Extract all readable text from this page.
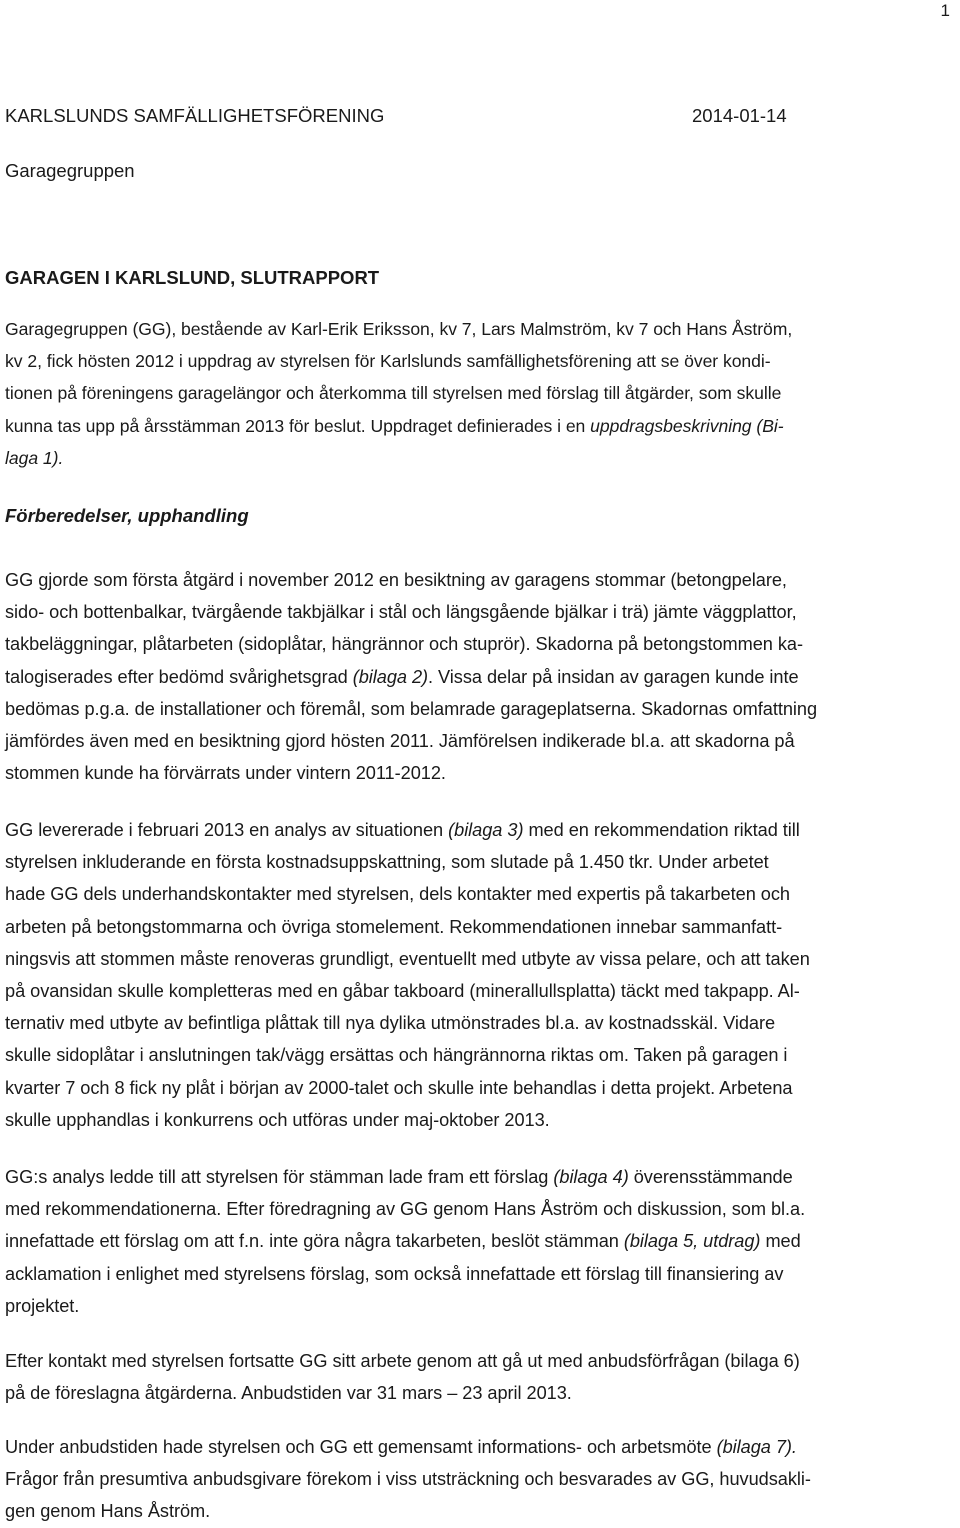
1
KARLSLUNDS SAMFÄLLIGHETSFÖRENING	2014-01-14
Garagegruppen
GARAGEN I KARLSLUND, SLUTRAPPORT

Garagegruppen (GG), bestående av Karl-Erik Eriksson, kv 7, Lars Malmström, kv 7 och Hans Åström,
kv 2, fick hösten 2012 i uppdrag av styrelsen för Karlslunds samfällighetsförening att se över kondi-
tionen på föreningens garagelängor och återkomma till styrelsen med förslag till åtgärder, som skulle
kunna tas upp på årsstämman 2013 för beslut. Uppdraget definierades i en uppdragsbeskrivning (Bi-
laga 1).

Förberedelser, upphandling

GG gjorde som första åtgärd i november 2012 en besiktning av garagens stommar (betongpelare,
sido- och bottenbalkar, tvärgående takbjälkar i stål och längsgående bjälkar i trä) jämte väggplattor,
takbeläggningar, plåtarbeten (sidoplåtar, hängrännor och stuprör). Skadorna på betongstommen ka-
talogiserades efter bedömd svårighetsgrad (bilaga 2). Vissa delar på insidan av garagen kunde inte
bedömas p.g.a. de installationer och föremål, som belamrade garageplatserna. Skadornas omfattning
jämfördes även med en besiktning gjord hösten 2011. Jämförelsen indikerade bl.a. att skadorna på
stommen kunde ha förvärrats under vintern 2011-2012.

GG levererade i februari 2013 en analys av situationen (bilaga 3) med en rekommendation riktad till
styrelsen inkluderande en första kostnadsuppskattning, som slutade på 1.450 tkr. Under arbetet
hade GG dels underhandskontakter med styrelsen, dels kontakter med expertis på takarbeten och
arbeten på betongstommarna och övriga stomelement. Rekommendationen innebar sammanfatt-
ningsvis att stommen måste renoveras grundligt, eventuellt med utbyte av vissa pelare, och att taken
på ovansidan skulle kompletteras med en gåbar takboard (minerallullsplatta) täckt med takpapp. Al-
ternativ med utbyte av befintliga plåttak till nya dylika utmönstrades bl.a. av kostnadsskäl. Vidare
skulle sidoplåtar i anslutningen tak/vägg ersättas och hängrännorna riktas om. Taken på garagen i
kvarter 7 och 8 fick ny plåt i början av 2000-talet och skulle inte behandlas i detta projekt. Arbetena
skulle upphandlas i konkurrens och utföras under maj-oktober 2013.

GG:s analys ledde till att styrelsen för stämman lade fram ett förslag (bilaga 4) överensstämmande
med rekommendationerna. Efter föredragning av GG genom Hans Åström och diskussion, som bl.a.
innefattade ett förslag om att f.n. inte göra några takarbeten, beslöt stämman (bilaga 5, utdrag) med
acklamation i enlighet med styrelsens förslag, som också innefattade ett förslag till finansiering av
projektet.

Efter kontakt med styrelsen fortsatte GG sitt arbete genom att gå ut med anbudsförfrågan (bilaga 6)
på de föreslagna åtgärderna. Anbudstiden var 31 mars – 23 april 2013.

Under anbudstiden hade styrelsen och GG ett gemensamt informations- och arbetsmöte (bilaga 7).
Frågor från presumtiva anbudsgivare förekom i viss utsträckning och besvarades av GG, huvudsakli-
gen genom Hans Åström.
